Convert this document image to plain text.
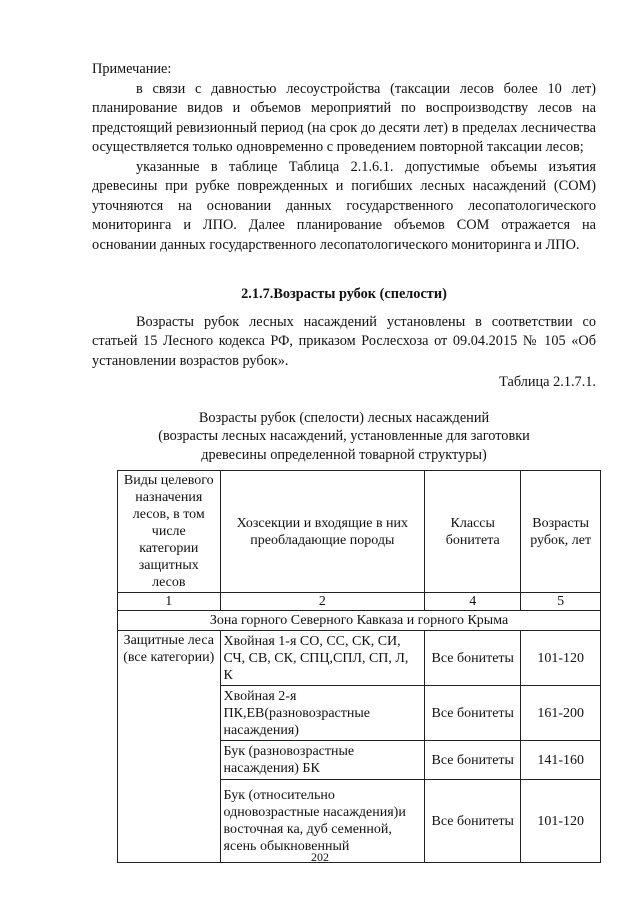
Примечание:

в связи с давностью лесоустройства (таксации лесов более 10 лет) планирование видов и объемов мероприятий по воспроизводству лесов на предстоящий ревизионный период (на срок до десяти лет) в пределах лесничества осуществляется только одновременно с проведением повторной таксации лесов;

указанные в таблице Таблица 2.1.6.1. допустимые объемы изъятия древесины при рубке поврежденных и погибших лесных насаждений (СОМ) уточняются на основании данных государственного лесопатологического мониторинга и ЛПО. Далее планирование объемов СОМ отражается на основании данных государственного лесопатологического мониторинга и ЛПО.

2.1.7.Возрасты рубок (спелости)

Возрасты рубок лесных насаждений установлены в соответствии со статьей 15 Лесного кодекса РФ, приказом Рослесхоза от 09.04.2015 № 105 «Об установлении возрастов рубок».

Таблица 2.1.7.1.

Возрасты рубок (спелости) лесных насаждений
(возрасты лесных насаждений, установленные для заготовки
древесины определенной товарной структуры)
Виды целевого назначения лесов, в том числе категории защитных лесов	Хозсекции и входящие в них преобладающие породы	Классы бонитета	Возрасты рубок, лет
1	2	4	5
Зона горного Северного Кавказа и горного Крыма			
Защитные леса (все категории)	Хвойная 1-я СО, СС, СК, СИ, СЧ, СВ, СК, СПЦ,СПЛ, СП, Л, К	Все бонитеты	101-120
	Хвойная 2-я ПК,ЕВ(разновозрастные насаждения)	Все бонитеты	161-200
	Бук (разновозрастные насаждения) БК	Все бонитеты	141-160
	Бук (относительно одновозрастные насаждения)и восточная ка, дуб семенной, ясень обыкновенный	Все бонитеты	101-120
202
